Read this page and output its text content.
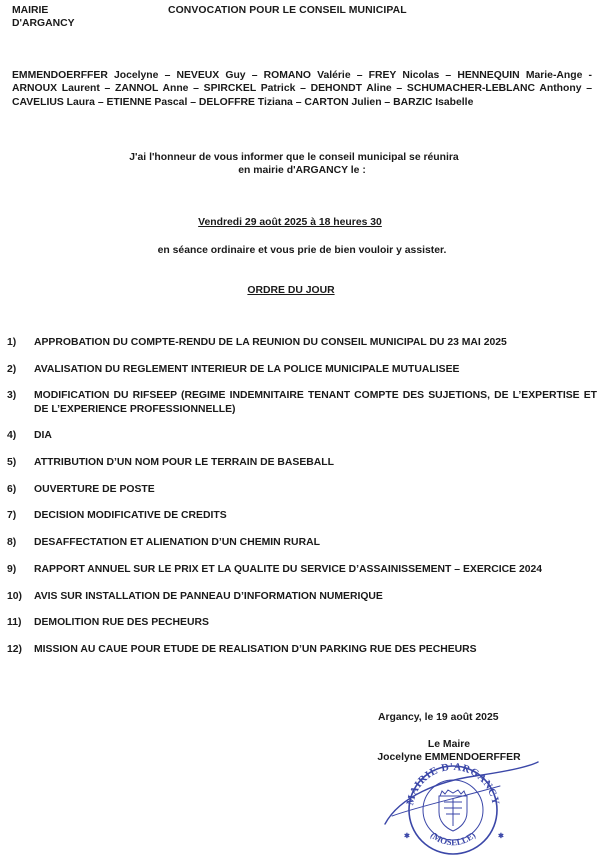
MAIRIE
D'ARGANCY
CONVOCATION POUR LE CONSEIL MUNICIPAL
EMMENDOERFFER Jocelyne – NEVEUX Guy – ROMANO Valérie – FREY Nicolas – HENNEQUIN Marie-Ange - ARNOUX Laurent – ZANNOL Anne – SPIRCKEL Patrick – DEHONDT Aline – SCHUMACHER-LEBLANC Anthony – CAVELIUS Laura – ETIENNE Pascal – DELOFFRE Tiziana – CARTON Julien – BARZIC Isabelle
J'ai l'honneur de vous informer que le conseil municipal se réunira
en mairie d'ARGANCY le :
Vendredi 29 août 2025 à 18 heures 30
en séance ordinaire et vous prie de bien vouloir y assister.
ORDRE DU JOUR
1) APPROBATION DU COMPTE-RENDU DE LA REUNION DU CONSEIL MUNICIPAL DU 23 MAI 2025
2) AVALISATION DU REGLEMENT INTERIEUR DE LA POLICE MUNICIPALE MUTUALISEE
3) MODIFICATION DU RIFSEEP (REGIME INDEMNITAIRE TENANT COMPTE DES SUJETIONS, DE L’EXPERTISE ET DE L’EXPERIENCE PROFESSIONNELLE)
4) DIA
5) ATTRIBUTION D’UN NOM POUR LE TERRAIN DE BASEBALL
6) OUVERTURE DE POSTE
7) DECISION MODIFICATIVE DE CREDITS
8) DESAFFECTATION ET ALIENATION D’UN CHEMIN RURAL
9) RAPPORT ANNUEL SUR LE PRIX ET LA QUALITE DU SERVICE D’ASSAINISSEMENT – EXERCICE 2024
10) AVIS SUR INSTALLATION DE PANNEAU D’INFORMATION NUMERIQUE
11) DEMOLITION RUE DES PECHEURS
12) MISSION AU CAUE POUR ETUDE DE REALISATION D’UN PARKING RUE DES PECHEURS
Argancy, le 19 août 2025
Le Maire
Jocelyne EMMENDOERFFER
MAIRIE D'ARGANCY
(MOSELLE)
✱	✱
